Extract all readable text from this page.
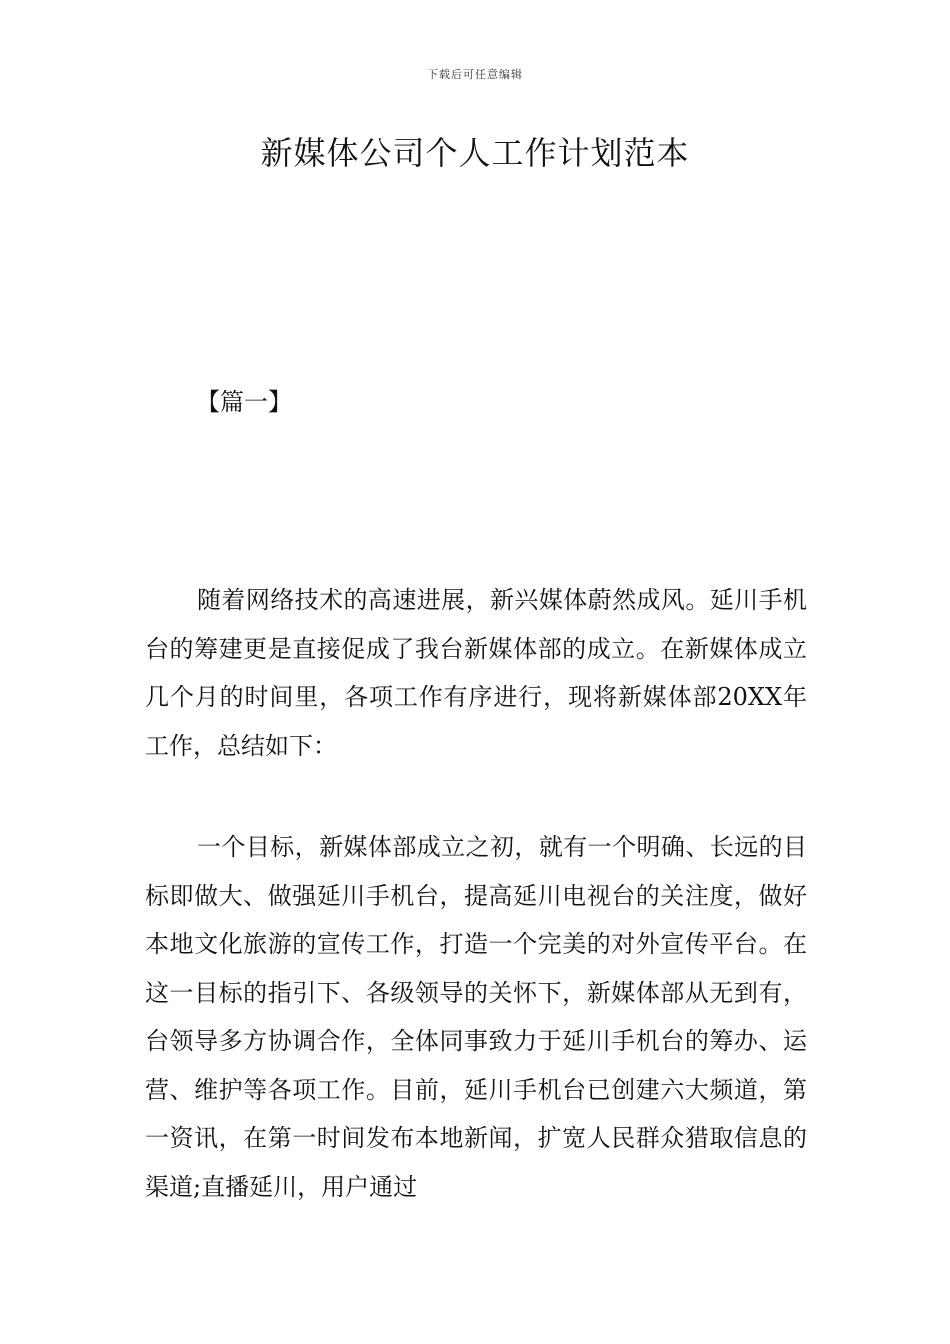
下载后可任意编辑
新媒体公司个人工作计划范本
【篇一】

随着网络技术的高速进展，新兴媒体蔚然成风。延川手机台的筹建更是直接促成了我台新媒体部的成立。在新媒体成立几个月的时间里，各项工作有序进行，现将新媒体部20XX年工作，总结如下：

一个目标，新媒体部成立之初，就有一个明确、长远的目标即做大、做强延川手机台，提高延川电视台的关注度，做好本地文化旅游的宣传工作，打造一个完美的对外宣传平台。在这一目标的指引下、各级领导的关怀下，新媒体部从无到有，台领导多方协调合作，全体同事致力于延川手机台的筹办、运营、维护等各项工作。目前，延川手机台已创建六大频道，第一资讯，在第一时间发布本地新闻，扩宽人民群众猎取信息的渠道;直播延川，用户通过
